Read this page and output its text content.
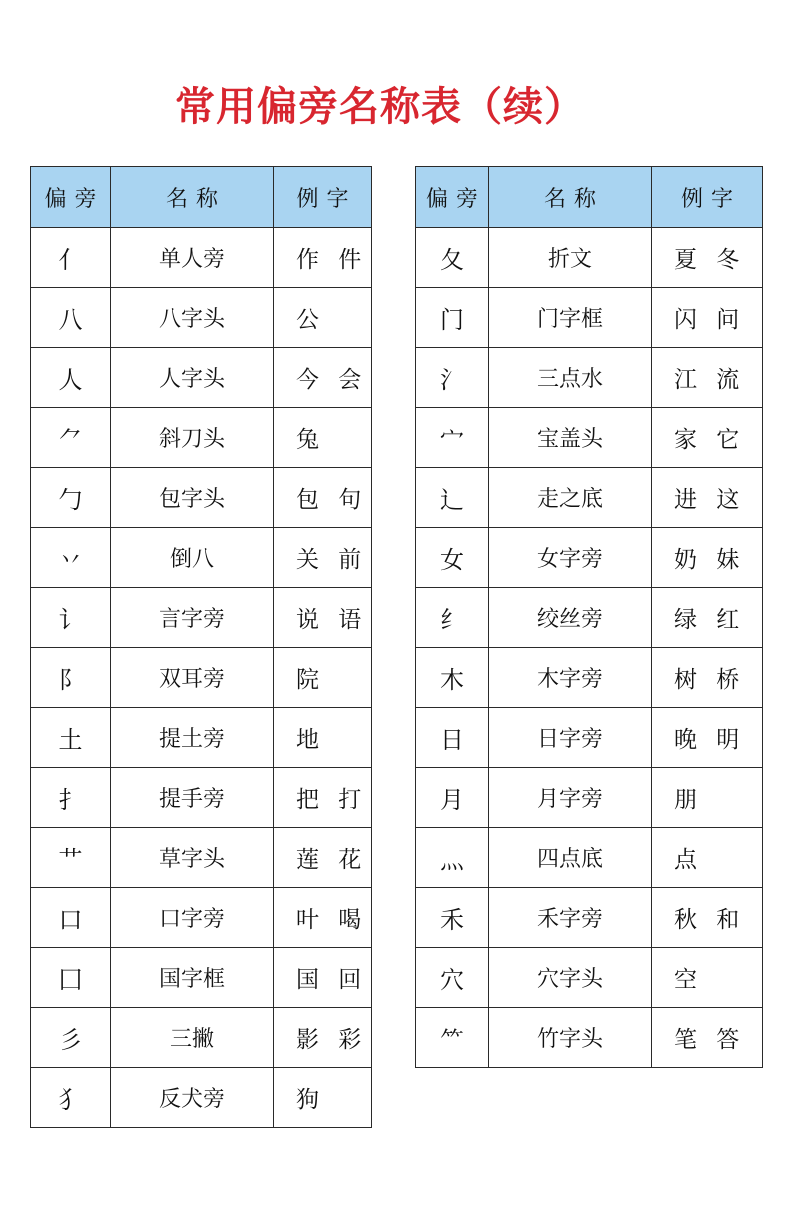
常用偏旁名称表（续）
偏旁	名称	例字
亻	单人旁	作 件
八	八字头	公
人	人字头	今 会
⺈	斜刀头	兔
勹	包字头	包 句
丷	倒八	关 前
讠	言字旁	说 语
阝	双耳旁	院
土	提土旁	地
扌	提手旁	把 打
艹	草字头	莲 花
口	口字旁	叶 喝
囗	国字框	国 回
彡	三撇	影 彩
犭	反犬旁	狗
偏旁	名称	例字
夂	折文	夏 冬
门	门字框	闪 问
氵	三点水	江 流
宀	宝盖头	家 它
辶	走之底	进 这
女	女字旁	奶 妹
纟	绞丝旁	绿 红
木	木字旁	树 桥
日	日字旁	晚 明
月	月字旁	朋
灬	四点底	点
禾	禾字旁	秋 和
穴	穴字头	空
⺮	竹字头	笔 答
